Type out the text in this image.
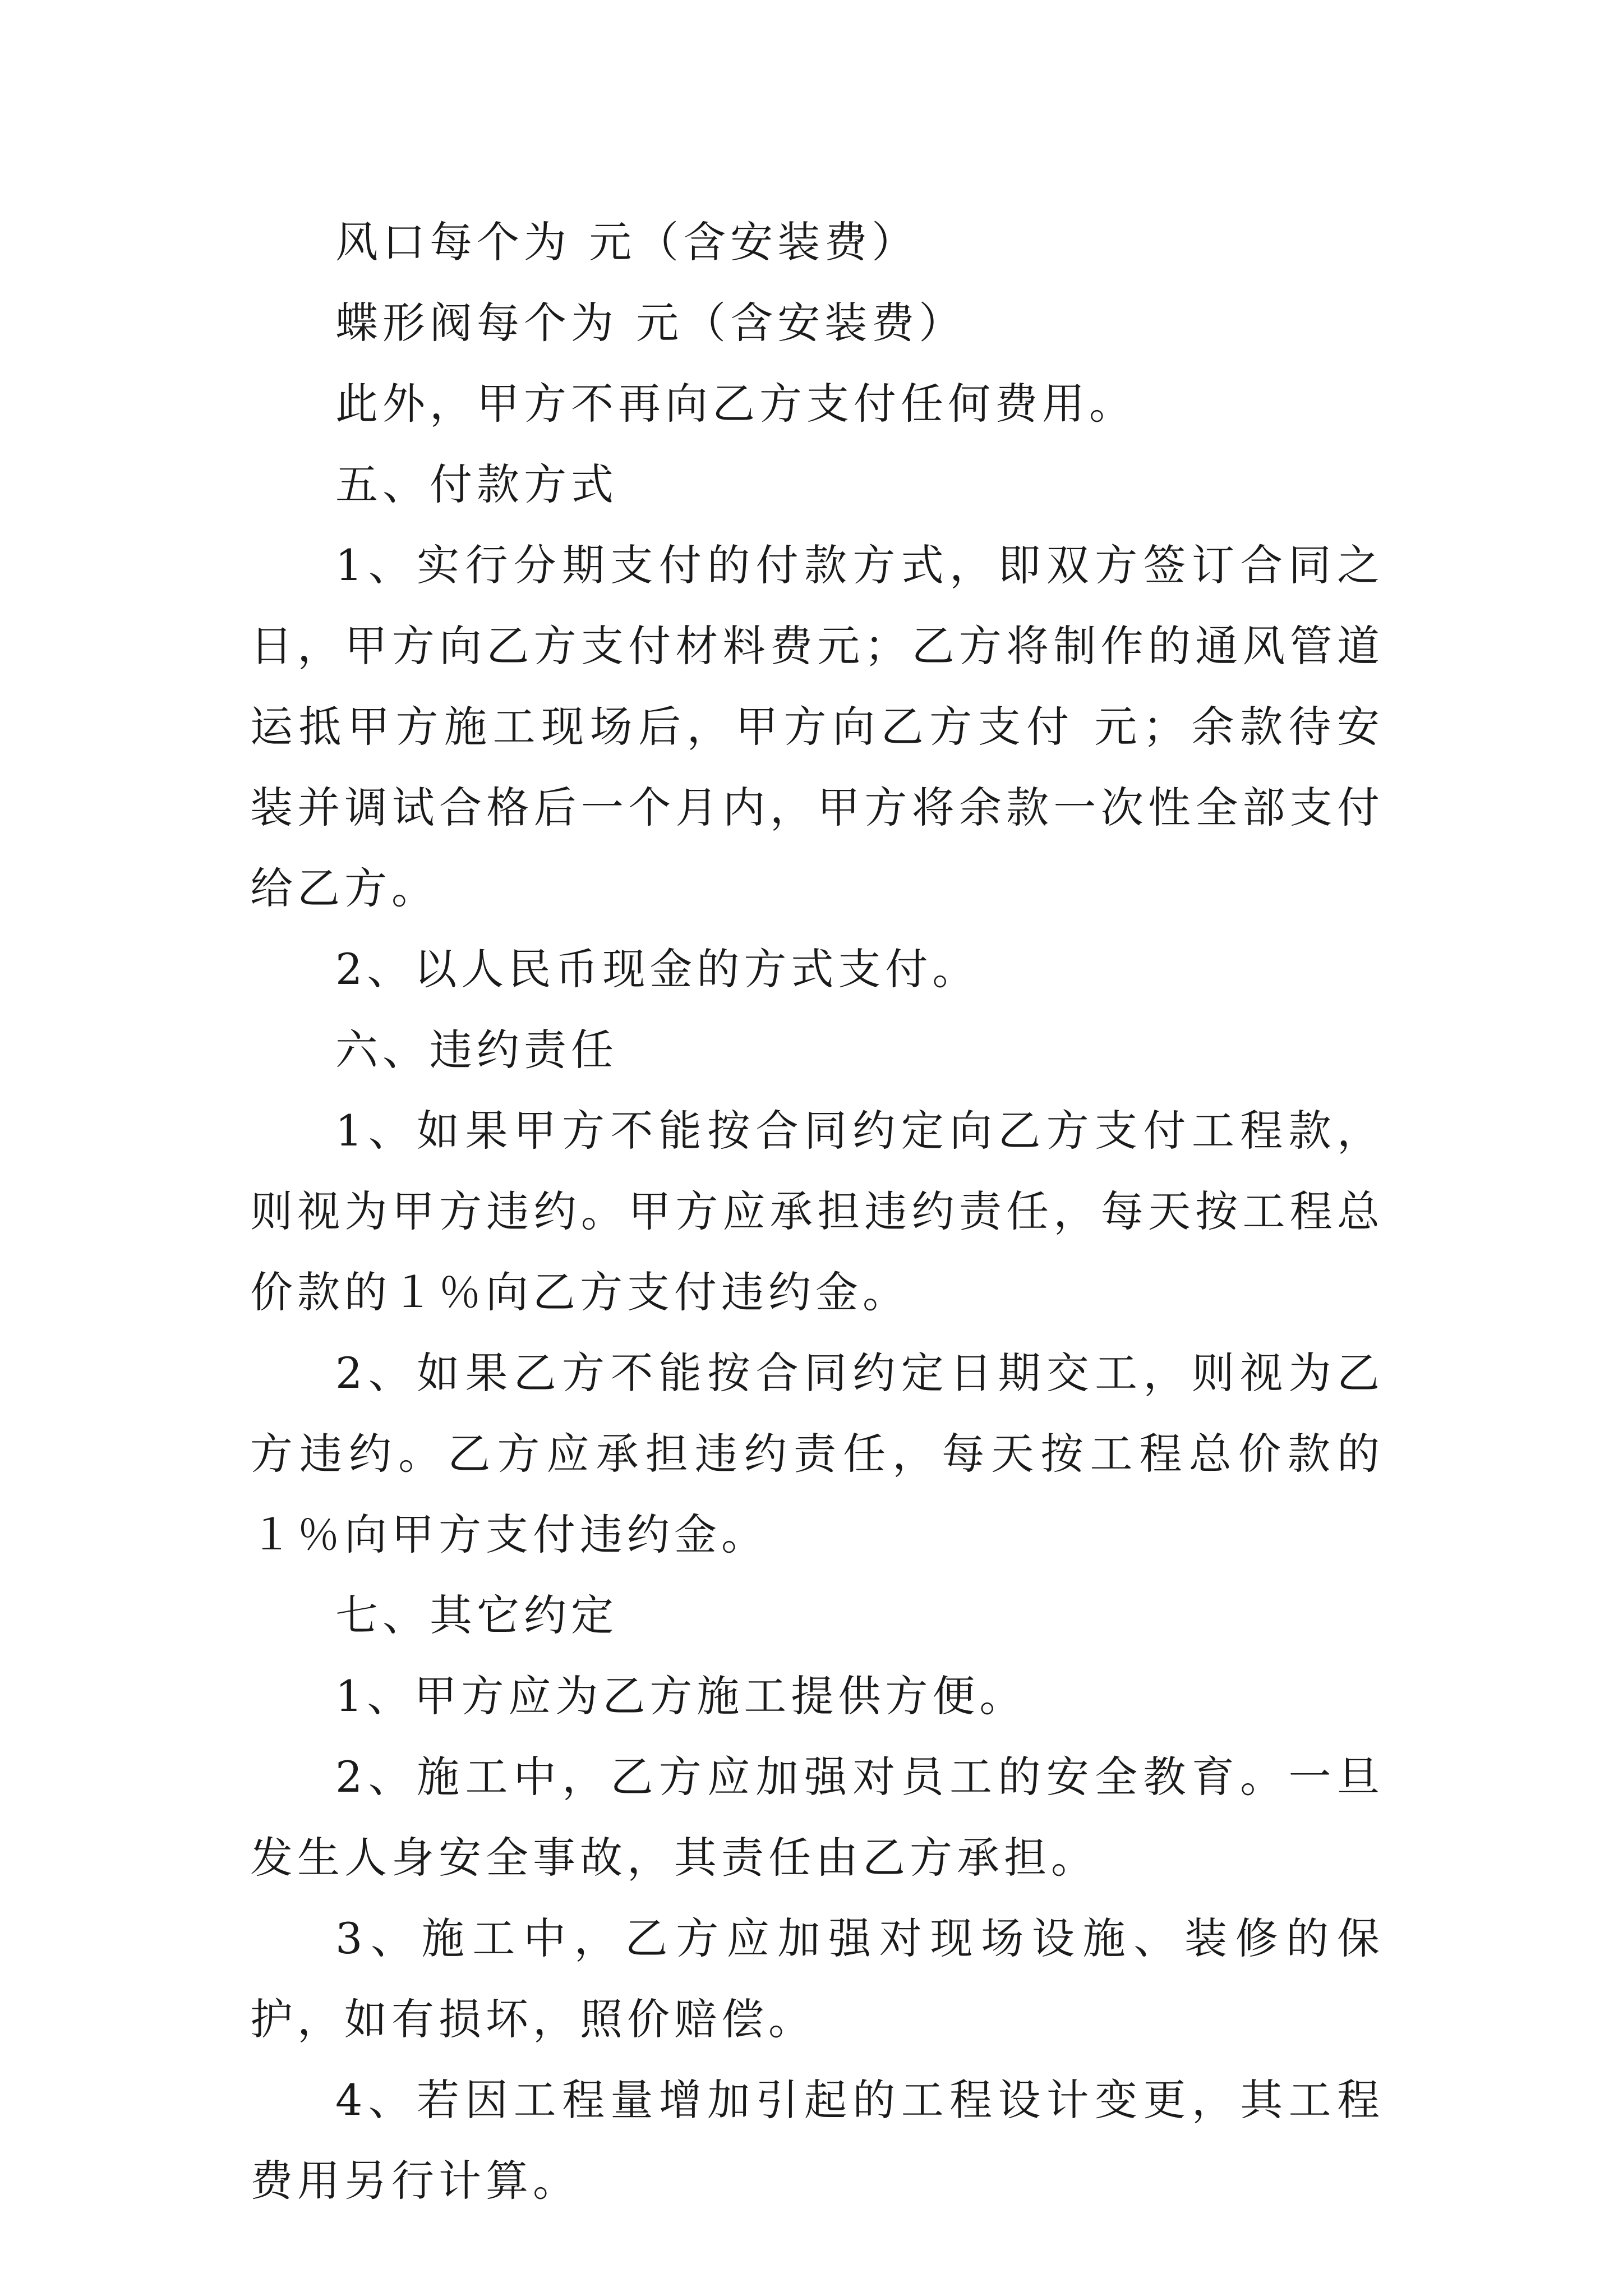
风口每个为 元（含安装费）

蝶形阀每个为 元（含安装费）

此外，甲方不再向乙方支付任何费用。

五、付款方式

1、实行分期支付的付款方式，即双方签订合同之日，甲方向乙方支付材料费元；乙方将制作的通风管道运抵甲方施工现场后，甲方向乙方支付 元；余款待安装并调试合格后一个月内，甲方将余款一次性全部支付给乙方。

2、以人民币现金的方式支付。

六、违约责任

1、如果甲方不能按合同约定向乙方支付工程款，则视为甲方违约。甲方应承担违约责任，每天按工程总价款的１％向乙方支付违约金。

2、如果乙方不能按合同约定日期交工，则视为乙方违约。乙方应承担违约责任，每天按工程总价款的１％向甲方支付违约金。

七、其它约定

1、甲方应为乙方施工提供方便。

2、施工中，乙方应加强对员工的安全教育。一旦发生人身安全事故，其责任由乙方承担。

3、施工中，乙方应加强对现场设施、装修的保护，如有损坏，照价赔偿。

4、若因工程量增加引起的工程设计变更，其工程费用另行计算。
